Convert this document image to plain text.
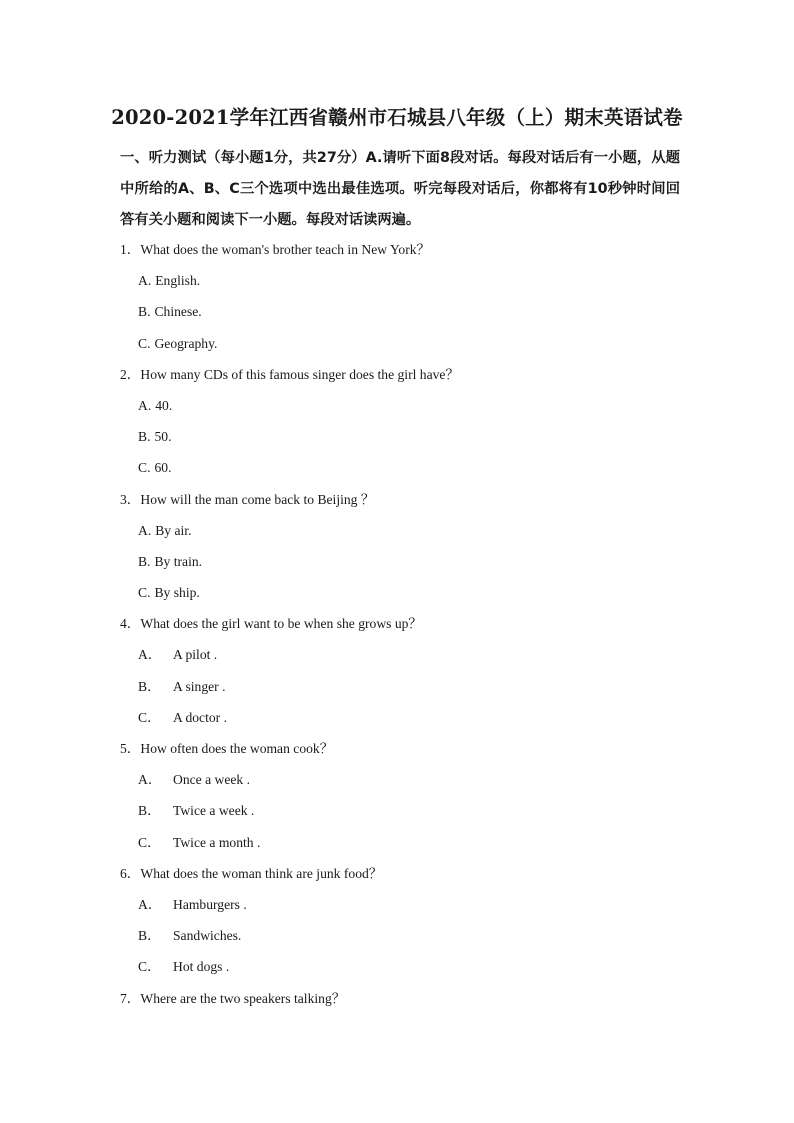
2020-2021学年江西省赣州市石城县八年级（上）期末英语试卷
一、听力测试（每小题1分，共27分）A.请听下面8段对话。每段对话后有一小题，从题中所给的A、B、C三个选项中选出最佳选项。听完每段对话后，你都将有10秒钟时间回答有关小题和阅读下一小题。每段对话读两遍。
1．What does the woman's brother teach in New York？
A. English.
B. Chinese.
C. Geography.
2．How many CDs of this famous singer does the girl have？
A. 40.
B. 50.
C. 60.
3．How will the man come back to Beijing ？
A. By air.
B. By train.
C. By ship.
4．What does the girl want to be when she grows up？
A． A pilot .
B． A singer .
C． A doctor .
5．How often does the woman cook？
A． Once a week .
B． Twice a week .
C． Twice a month .
6．What does the woman think are junk food？
A． Hamburgers .
B． Sandwiches.
C． Hot dogs .
7．Where are the two speakers talking？
